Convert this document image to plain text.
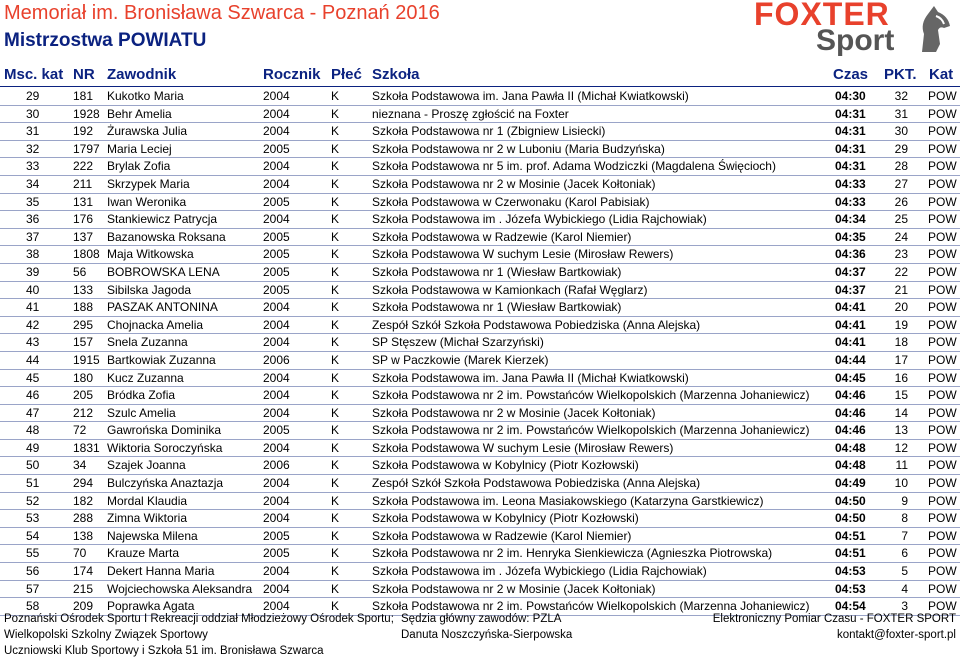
Memoriał im. Bronisława Szwarca - Poznań 2016
Mistrzostwa POWIATU
FOXTER
Sport
Msc. kat NR Zawodnik	Rocznik Płeć Szkoła	Czas PKT. Kat
29	181 Kukotko Maria	2004	K	Szkoła Podstawowa im. Jana Pawła II (Michał Kwiatkowski)	04:30	32 POW
30	1928 Behr Amelia	2004	K	nieznana - Proszę zgłościć na Foxter	04:31	31 POW
31	192 Żurawska Julia	2004	K	Szkoła Podstawowa nr 1 (Zbigniew Lisiecki)	04:31	30 POW
32	1797 Maria Leciej	2005	K	Szkoła Podstawowa nr 2 w Luboniu (Maria Budzyńska)	04:31	29 POW
33	222 Brylak Zofia	2004	K	Szkoła Podstawowa nr 5 im. prof. Adama Wodziczki (Magdalena Święcioch)	04:31	28 POW
34	211 Skrzypek Maria	2004	K	Szkoła Podstawowa nr 2 w Mosinie (Jacek Kołtoniak)	04:33	27 POW
35	131 Iwan Weronika	2005	K	Szkoła Podstawowa w Czerwonaku (Karol Pabisiak)	04:33	26 POW
36	176 Stankiewicz Patrycja	2004	K	Szkoła Podstawowa im . Józefa Wybickiego (Lidia Rajchowiak)	04:34	25 POW
37	137 Bazanowska Roksana	2005	K	Szkoła Podstawowa w Radzewie (Karol Niemier)	04:35	24 POW
38	1808 Maja Witkowska	2005	K	Szkoła Podstawowa W suchym Lesie (Mirosław Rewers)	04:36	23 POW
39	56 BOBROWSKA LENA	2005	K	Szkoła Podstawowa nr 1 (Wiesław Bartkowiak)	04:37	22 POW
40	133 Sibilska Jagoda	2005	K	Szkoła Podstawowa w Kamionkach (Rafał Węglarz)	04:37	21 POW
41	188 PASZAK ANTONINA	2004	K	Szkoła Podstawowa nr 1 (Wiesław Bartkowiak)	04:41	20 POW
42	295 Chojnacka Amelia	2004	K	Zespół Szkół Szkoła Podstawowa Pobiedziska (Anna Alejska)	04:41	19 POW
43	157 Snela Zuzanna	2004	K	SP Stęszew (Michał Szarzyński)	04:41	18 POW
44	1915 Bartkowiak Zuzanna	2006	K	SP w Paczkowie (Marek Kierzek)	04:44	17 POW
45	180 Kucz Zuzanna	2004	K	Szkoła Podstawowa im. Jana Pawła II (Michał Kwiatkowski)	04:45	16 POW
46	205 Bródka Zofia	2004	K	Szkoła Podstawowa nr 2 im. Powstańców Wielkopolskich (Marzenna Johaniewicz) 04:46	15 POW
47	212 Szulc Amelia	2004	K	Szkoła Podstawowa nr 2 w Mosinie (Jacek Kołtoniak)	04:46	14 POW
48	72 Gawrońska Dominika	2005	K	Szkoła Podstawowa nr 2 im. Powstańców Wielkopolskich (Marzenna Johaniewicz) 04:46	13 POW
49	1831 Wiktoria Soroczyńska	2004	K	Szkoła Podstawowa W suchym Lesie (Mirosław Rewers)	04:48	12 POW
50	34 Szajek Joanna	2006	K	Szkoła Podstawowa w Kobylnicy (Piotr Kozłowski)	04:48	11 POW
51	294 Bulczyńska Anaztazja	2004	K	Zespół Szkół Szkoła Podstawowa Pobiedziska (Anna Alejska)	04:49	10 POW
52	182 Mordal Klaudia	2004	K	Szkoła Podstawowa im. Leona Masiakowskiego (Katarzyna Garstkiewicz)	04:50	9 POW
53	288 Zimna Wiktoria	2004	K	Szkoła Podstawowa w Kobylnicy (Piotr Kozłowski)	04:50	8 POW
54	138 Najewska Milena	2005	K	Szkoła Podstawowa w Radzewie (Karol Niemier)	04:51	7 POW
55	70 Krauze Marta	2005	K	Szkoła Podstawowa nr 2 im. Henryka Sienkiewicza (Agnieszka Piotrowska)	04:51	6 POW
56	174 Dekert Hanna Maria	2004	K	Szkoła Podstawowa im . Józefa Wybickiego (Lidia Rajchowiak)	04:53	5 POW
57	215 Wojciechowska Aleksandra 2004	K	Szkoła Podstawowa nr 2 w Mosinie (Jacek Kołtoniak)	04:53	4 POW
58	209 Poprawka Agata	2004	K	Szkoła Podstawowa nr 2 im. Powstańców Wielkopolskich (Marzenna Johaniewicz) 04:54	3 POW
Poznański Ośrodek Sportu I Rekreacji oddział Młodzieżowy Ośrodek Sportu;
Wielkopolski Szkolny Związek Sportowy
Uczniowski Klub Sportowy i Szkoła 51 im. Bronisława Szwarca
Sędzia główny zawodów: PZLA
Danuta Noszczyńska-Sierpowska
Elektroniczny Pomiar Czasu - FOXTER SPORT
kontakt@foxter-sport.pl
